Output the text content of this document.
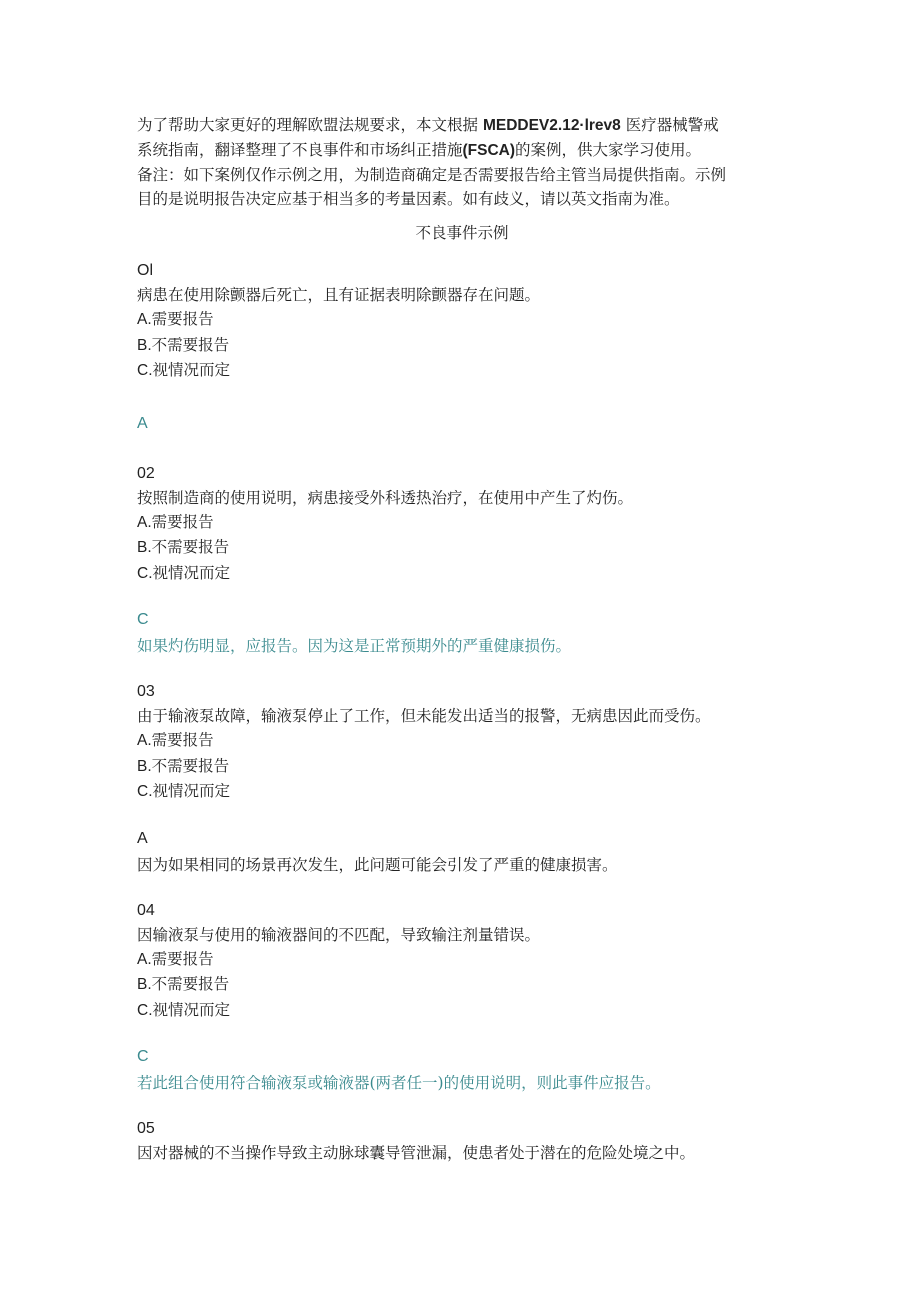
为了帮助大家更好的理解欧盟法规要求，本文根据 MEDDEV2.12·lrev8 医疗器械警戒

系统指南，翻译整理了不良事件和市场纠正措施(FSCA)的案例，供大家学习使用。

备注：如下案例仅作示例之用，为制造商确定是否需要报告给主管当局提供指南。示例

目的是说明报告决定应基于相当多的考量因素。如有歧义，请以英文指南为准。

不良事件示例
Ol
病患在使用除颤器后死亡，且有证据表明除颤器存在问题。
A.需要报告
B.不需要报告
C.视情况而定
A
02
按照制造商的使用说明，病患接受外科透热治疗，在使用中产生了灼伤。
A.需要报告
B.不需要报告
C.视情况而定
C
如果灼伤明显，应报告。因为这是正常预期外的严重健康损伤。
03
由于输液泵故障，输液泵停止了工作，但未能发出适当的报警，无病患因此而受伤。
A.需要报告
B.不需要报告
C.视情况而定
A
因为如果相同的场景再次发生，此问题可能会引发了严重的健康损害。
04
因输液泵与使用的输液器间的不匹配，导致输注剂量错误。
A.需要报告
B.不需要报告
C.视情况而定
C
若此组合使用符合输液泵或输液器(两者任一)的使用说明，则此事件应报告。
05
因对器械的不当操作导致主动脉球囊导管泄漏，使患者处于潜在的危险处境之中。
